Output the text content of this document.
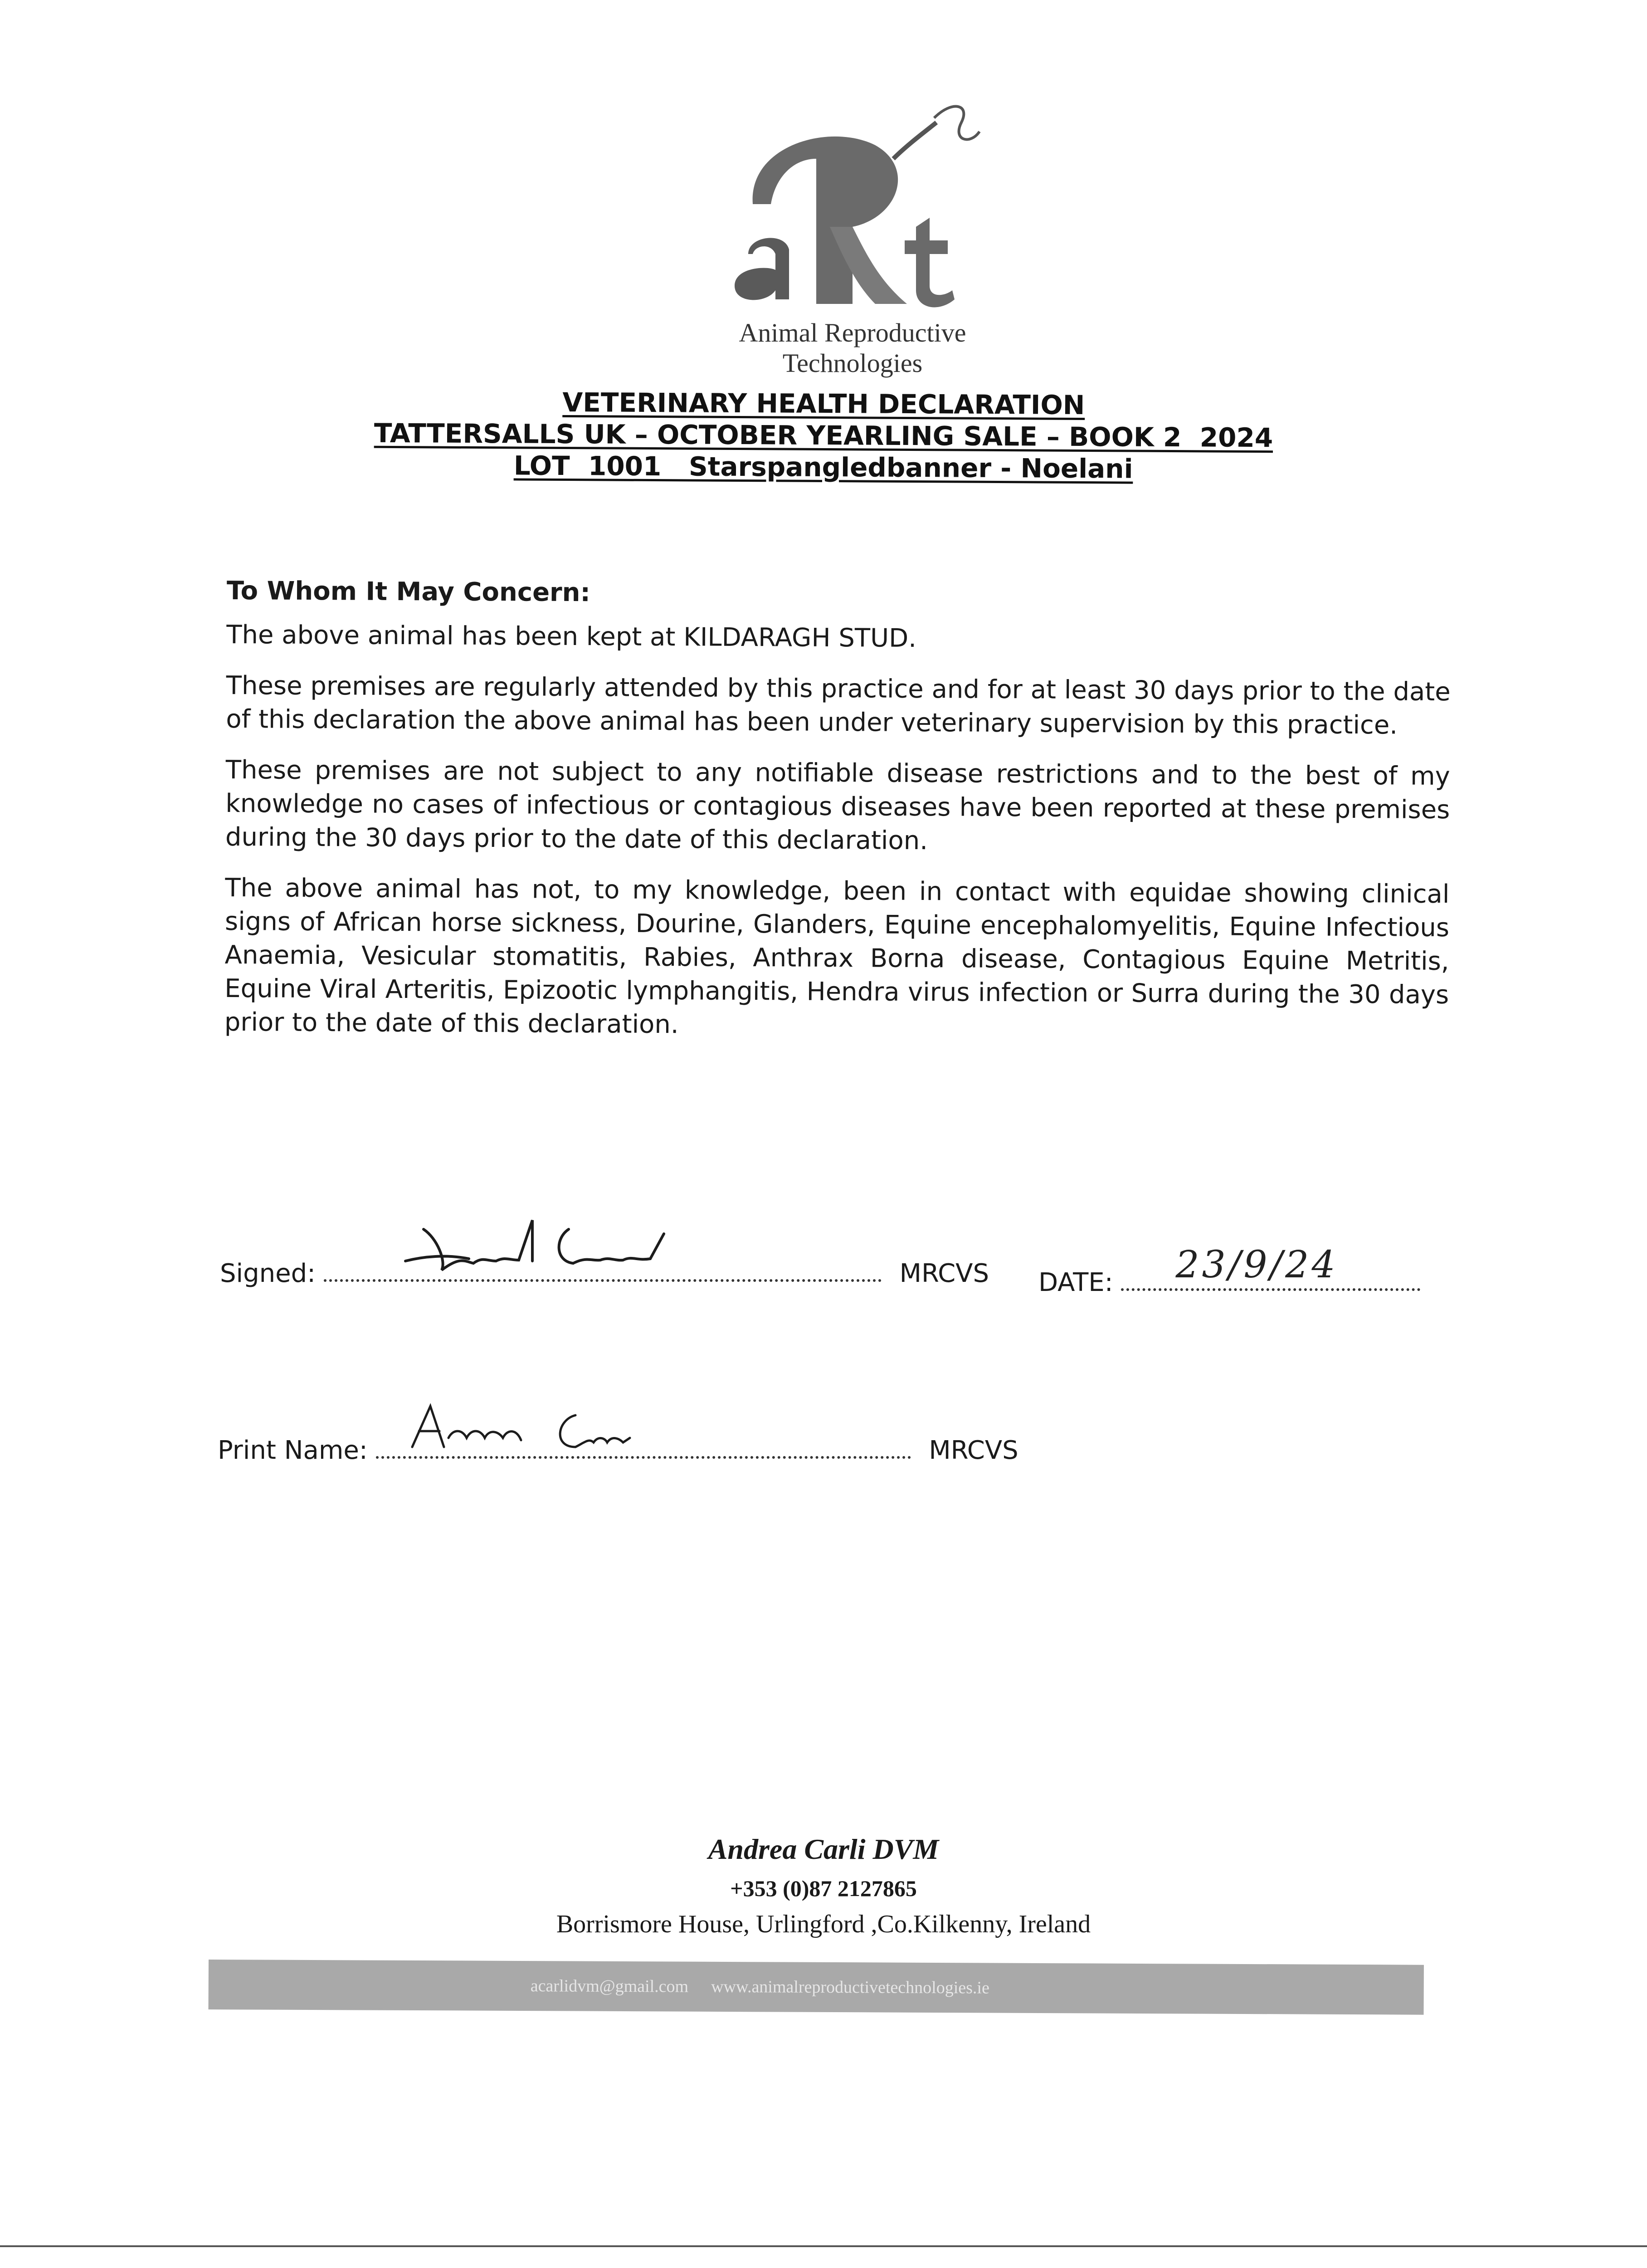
Animal Reproductive Technologies
VETERINARY HEALTH DECLARATION
TATTERSALLS UK – OCTOBER YEARLING SALE – BOOK 2  2024
LOT  1001   Starspangledbanner - Noelani

To Whom It May Concern:

The above animal has been kept at KILDARAGH STUD.

These premises are regularly attended by this practice and for at least 30 days prior to the date of this declaration the above animal has been under veterinary supervision by this practice.

These premises are not subject to any notifiable disease restrictions and to the best of my knowledge no cases of infectious or contagious diseases have been reported at these premises during the 30 days prior to the date of this declaration.

The above animal has not, to my knowledge, been in contact with equidae showing clinical signs of African horse sickness, Dourine, Glanders, Equine encephalomyelitis, Equine Infectious Anaemia, Vesicular stomatitis, Rabies, Anthrax Borna disease, Contagious Equine Metritis, Equine Viral Arteritis, Epizootic lymphangitis, Hendra virus infection or Surra during the 30 days prior to the date of this declaration.

Signed:	MRCVS DATE: 23/9/24
Print Name:	MRCVS
Andrea Carli DVM
+353 (0)87 2127865
Borrismore House, Urlingford ,Co.Kilkenny, Ireland
acarlidvm@gmail.com www.animalreproductivetechnologies.ie
